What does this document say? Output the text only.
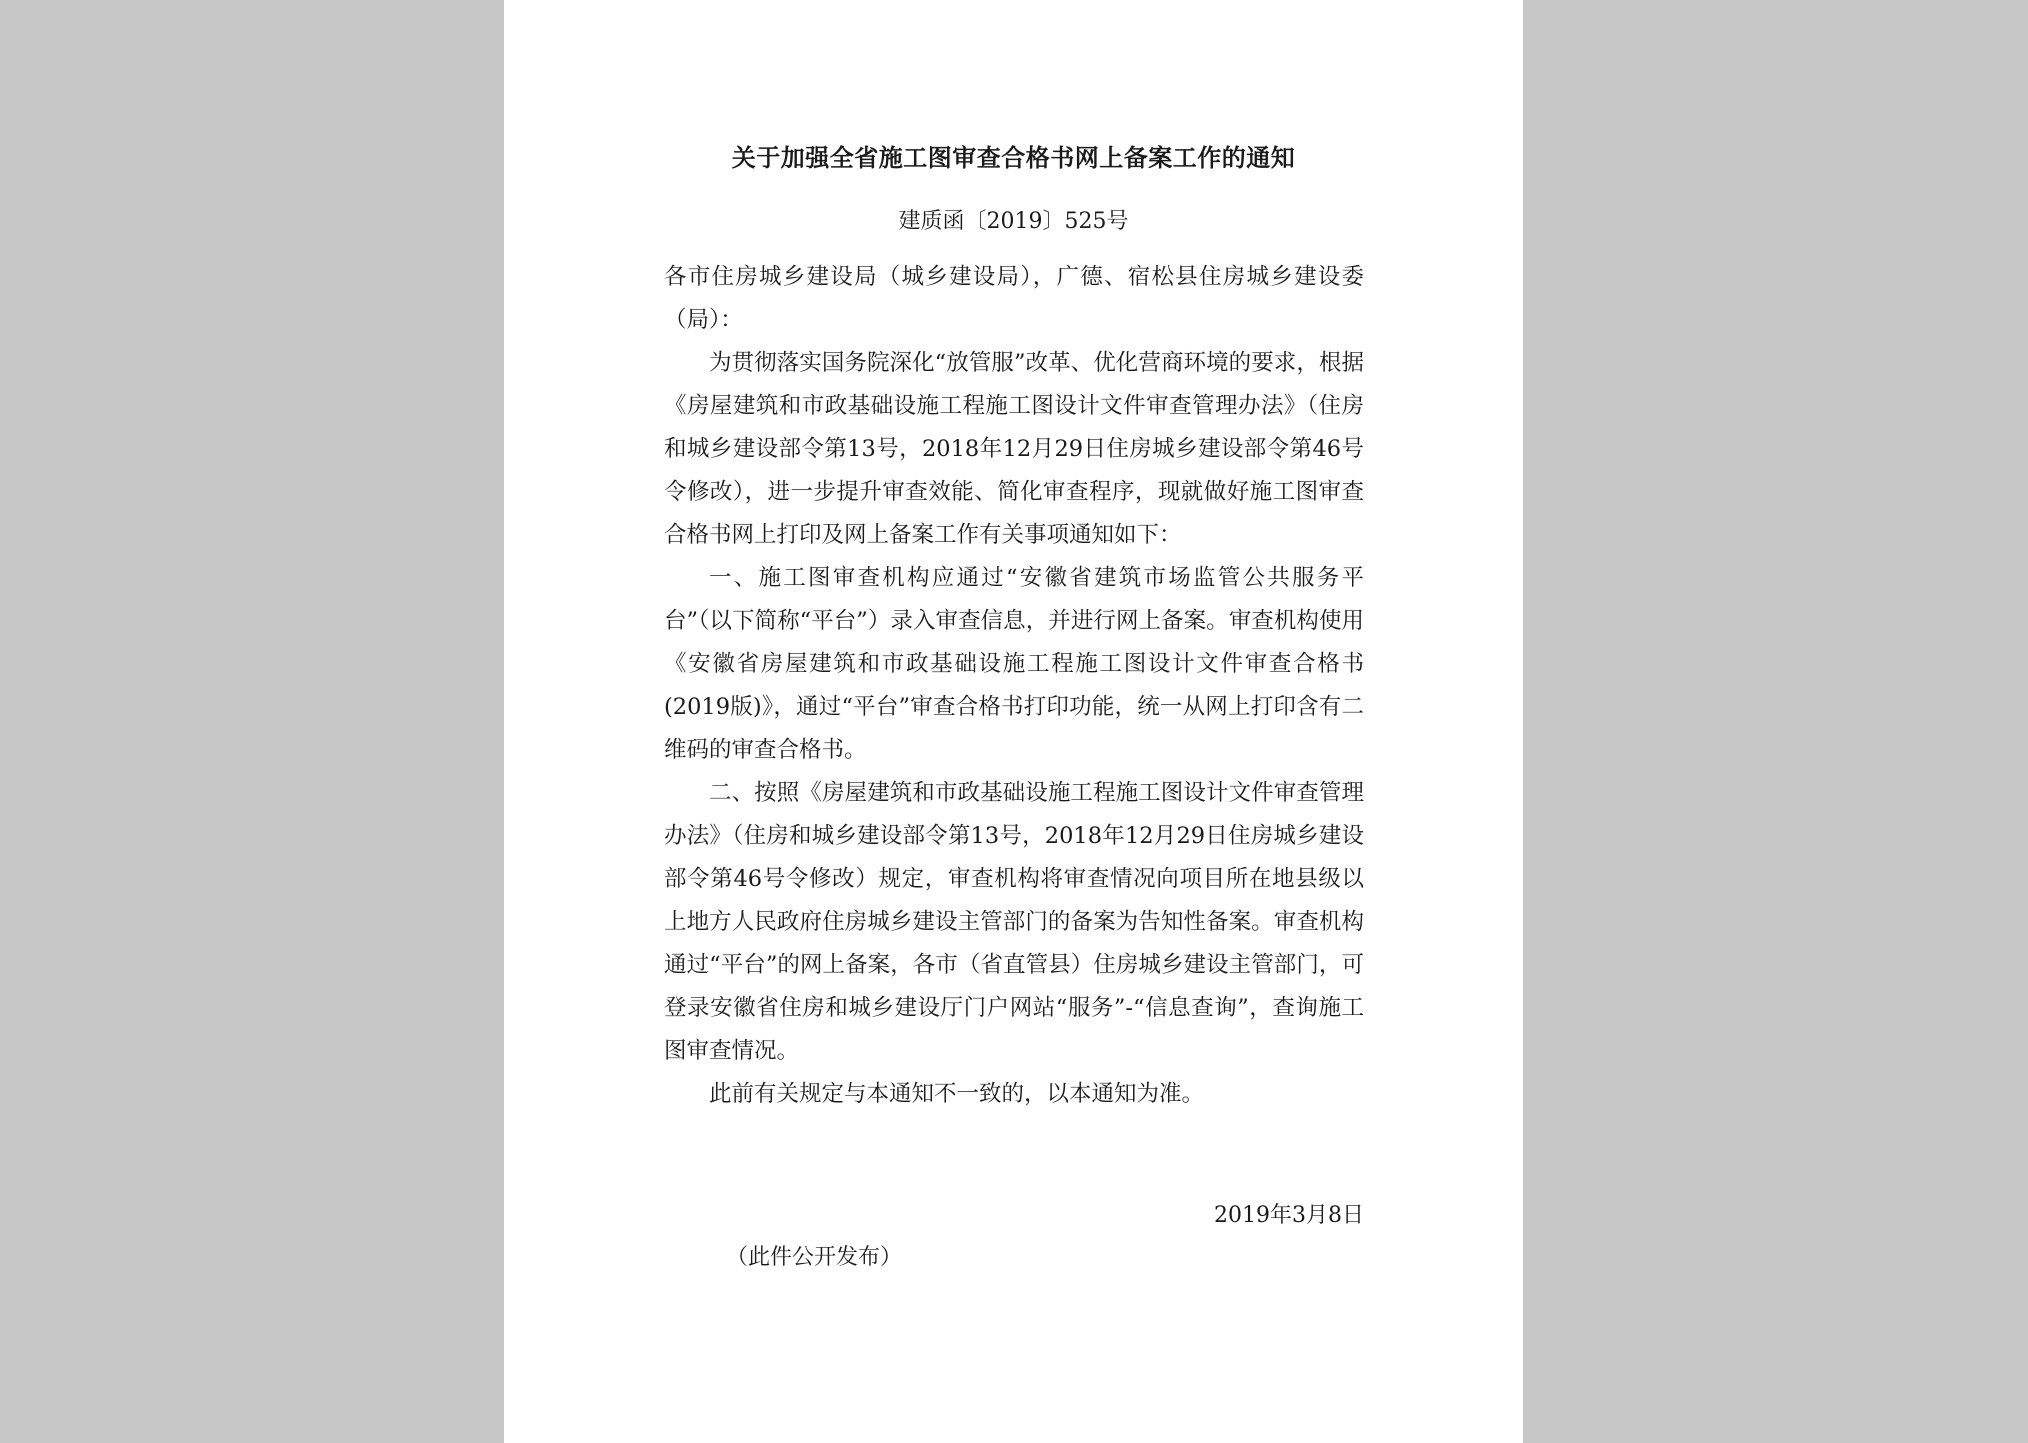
关于加强全省施工图审查合格书网上备案工作的通知
建质函〔2019〕525号

各市住房城乡建设局（城乡建设局），广德、宿松县住房城乡建设委（局）：

为贯彻落实国务院深化“放管服”改革、优化营商环境的要求，根据《房屋建筑和市政基础设施工程施工图设计文件审查管理办法》（住房和城乡建设部令第13号，2018年12月29日住房城乡建设部令第46号令修改），进一步提升审查效能、简化审查程序，现就做好施工图审查合格书网上打印及网上备案工作有关事项通知如下：

一、施工图审查机构应通过“安徽省建筑市场监管公共服务平台”（以下简称“平台”）录入审查信息，并进行网上备案。审查机构使用《安徽省房屋建筑和市政基础设施工程施工图设计文件审查合格书(2019版)》，通过“平台”审查合格书打印功能，统一从网上打印含有二维码的审查合格书。

二、按照《房屋建筑和市政基础设施工程施工图设计文件审查管理办法》（住房和城乡建设部令第13号，2018年12月29日住房城乡建设部令第46号令修改）规定，审查机构将审查情况向项目所在地县级以上地方人民政府住房城乡建设主管部门的备案为告知性备案。审查机构通过“平台”的网上备案，各市（省直管县）住房城乡建设主管部门，可登录安徽省住房和城乡建设厅门户网站“服务”-“信息查询”，查询施工图审查情况。

此前有关规定与本通知不一致的，以本通知为准。

2019年3月8日
（此件公开发布）
